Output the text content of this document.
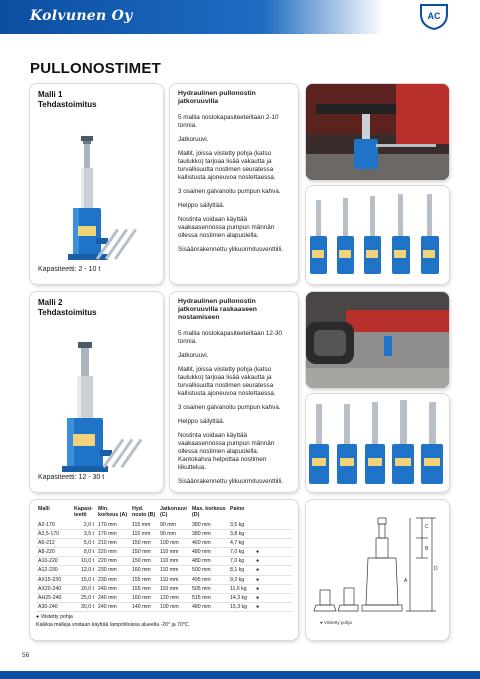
Kolvunen Oy	AC
PULLONOSTIMET
Malli 1
Tehdastoimitus
Kapasiteetti: 2 - 10 t

Hydraulinen pullonostin jatkoruuvilla

5 mallia nostokapasiteeteiltaan 2-10 tonnia.

Jatkoruuvi.

Mallit, joissa viistetty pohja (katso taulukko) tarjoaa lisää vakautta ja turvallisuutta nostimen seuratessa kallistusta ajoneuvoa nostettaessa.

3 osainen galvanoitu pumpun kahva.

Helppo säilyttää.

Nostinta voidaan käyttää vaakaasennossa pumpun männän ollessa nostimen alapuolella.

Sisäänrakennettu ylikuormitusventtiili.

Malli 2
Tehdastoimitus
Kapasiteetti: 12 - 30 t

Hydraulinen pullonostin jatkoruuvilla raskaaseen nostamiseen

5 mallia nostokapasiteeteiltaan 12-30 tonnia.

Jatkoruuvi.

Mallit, joissa viistetty pohja (katso taulukko) tarjoaa lisää vakautta ja turvallisuutta nostimen seuratessa kallistusta ajoneuvoa nostettaessa.

3 osainen galvanoitu pumpun kahva.

Helppo säilyttää.

Nostinta voidaan käyttää vaakaasennossa pumpun männän ollessa nostimen alapuolella. Kantokahva helpottaa nostimen liikuttelua.

Sisäänrakennettu ylikuormitusventtiili.

Malli	Kapasi-teetti	Min. korkeus (A)	Hyd. nosto (B)	Jatkoruuvi (C)	Max. korkeus (D)	Paino	
A2-170	2,0 t	170 mm	115 mm	90 mm	380 mm	3,5 kg	
A3,5-170	3,5 t	170 mm	115 mm	90 mm	380 mm	3,8 kg	
A5-212	5,0 t	210 mm	150 mm	100 mm	460 mm	4,7 kg	
A8-220	8,0 t	220 mm	150 mm	110 mm	480 mm	7,0 kg	●
A10-220	10,0 t	220 mm	150 mm	110 mm	480 mm	7,0 kg	●
A12-230	12,0 t	230 mm	160 mm	110 mm	500 mm	8,1 kg	●
AX15-230	15,0 t	230 mm	155 mm	110 mm	495 mm	9,2 kg	●
AX20-240	20,0 t	240 mm	155 mm	110 mm	505 mm	11,6 kg	●
AH25-240	25,0 t	240 mm	160 mm	120 mm	515 mm	14,3 kg	●
A30-240	30,0 t	240 mm	140 mm	100 mm	480 mm	15,3 kg	●
● Viistetty pohja
Kaikkia malleja voidaan käyttää lämpötiloissa alueella -20° ja 70°C
C
B
D
A
● Viistetty pohja
56
